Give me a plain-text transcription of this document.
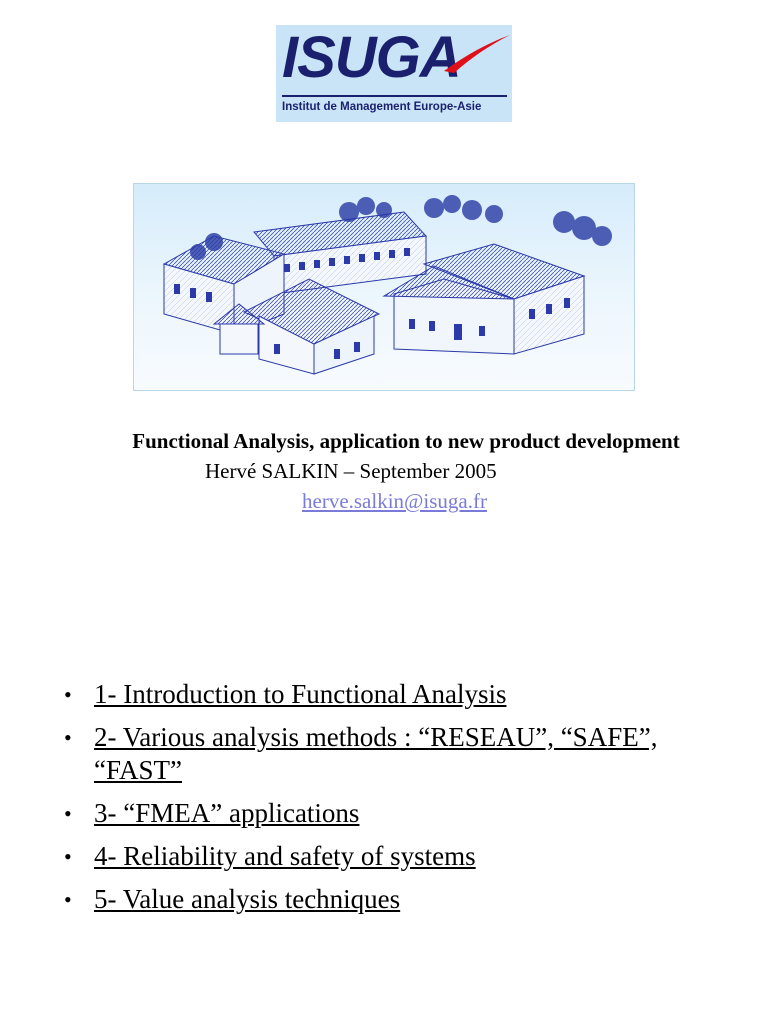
ISUGA
Institut de Management Europe-Asie
Functional Analysis, application to new product development
Hervé SALKIN – September 2005
herve.salkin@isuga.fr
• 1- Introduction to Functional Analysis
• 2- Various analysis methods : “RESEAU”, “SAFE”, “FAST”
• 3- “FMEA” applications
• 4- Reliability and safety of systems
• 5- Value analysis techniques
